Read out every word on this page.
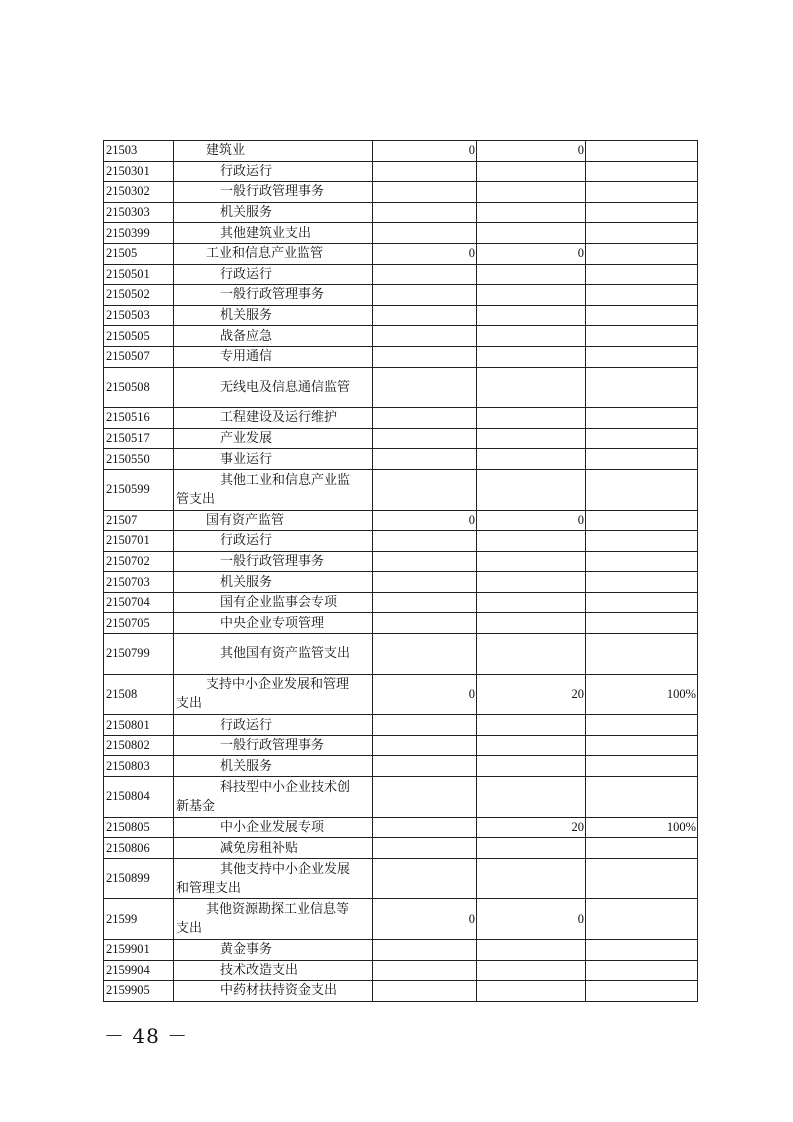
21503	建筑业	0	0	
2150301	行政运行			
2150302	一般行政管理事务			
2150303	机关服务			
2150399	其他建筑业支出			
21505	工业和信息产业监管	0	0	
2150501	行政运行			
2150502	一般行政管理事务			
2150503	机关服务			
2150505	战备应急			
2150507	专用通信			
2150508	无线电及信息通信监管			
2150516	工程建设及运行维护			
2150517	产业发展			
2150550	事业运行			
2150599	其他工业和信息产业监
管支出			
21507	国有资产监管	0	0	
2150701	行政运行			
2150702	一般行政管理事务			
2150703	机关服务			
2150704	国有企业监事会专项			
2150705	中央企业专项管理			
2150799	其他国有资产监管支出			
21508	支持中小企业发展和管理
支出	0	20	100%
2150801	行政运行			
2150802	一般行政管理事务			
2150803	机关服务			
2150804	科技型中小企业技术创
新基金			
2150805	中小企业发展专项		20	100%
2150806	减免房租补贴			
2150899	其他支持中小企业发展
和管理支出			
21599	其他资源勘探工业信息等
支出	0	0	
2159901	黄金事务			
2159904	技术改造支出			
2159905	中药材扶持资金支出			
－ 48 －
